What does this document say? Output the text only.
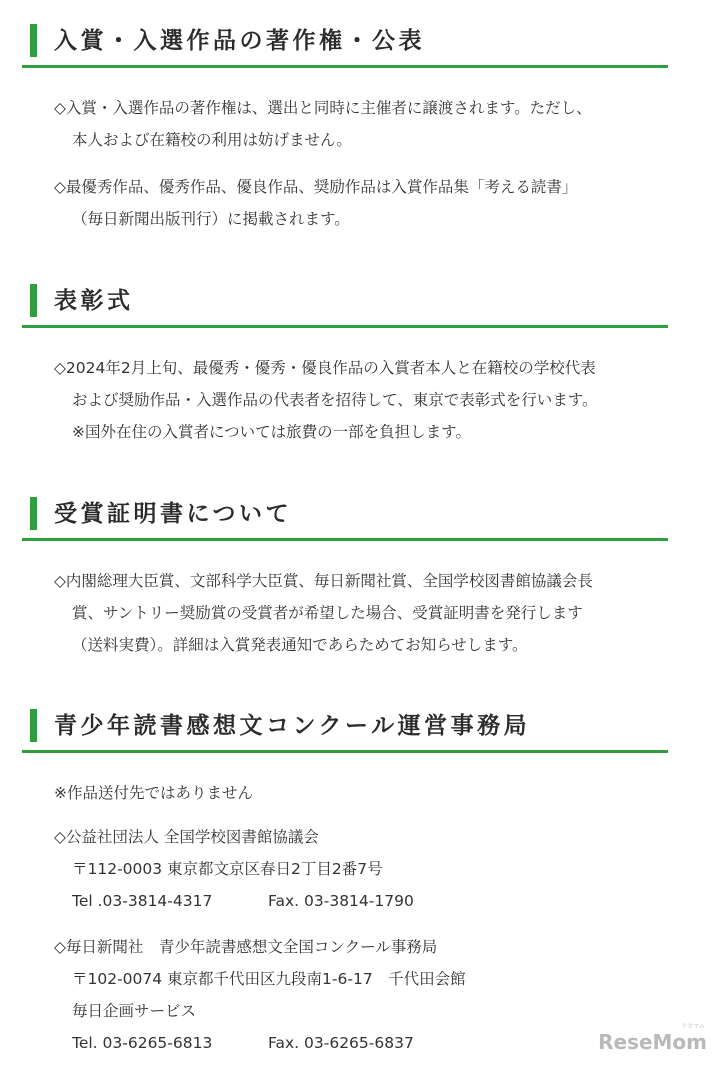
入賞・入選作品の著作権・公表
◇入賞・入選作品の著作権は、選出と同時に主催者に譲渡されます。ただし、
本人および在籍校の利用は妨げません。
◇最優秀作品、優秀作品、優良作品、奨励作品は入賞作品集「考える読書」
（毎日新聞出版刊行）に掲載されます。
表彰式
◇2024年2月上旬、最優秀・優秀・優良作品の入賞者本人と在籍校の学校代表
および奨励作品・入選作品の代表者を招待して、東京で表彰式を行います。
※国外在住の入賞者については旅費の一部を負担します。
受賞証明書について
◇内閣総理大臣賞、文部科学大臣賞、毎日新聞社賞、全国学校図書館協議会長
賞、サントリー奨励賞の受賞者が希望した場合、受賞証明書を発行します
（送料実費）。詳細は入賞発表通知であらためてお知らせします。
青少年読書感想文コンクール運営事務局
※作品送付先ではありません
◇公益社団法人 全国学校図書館協議会
〒112-0003 東京都文京区春日2丁目2番7号
Tel .03-3814-4317	Fax. 03-3814-1790
◇毎日新聞社　青少年読書感想文全国コンクール事務局
〒102-0074 東京都千代田区九段南1-6-17　千代田会館
毎日企画サービス
Tel. 03-6265-6813	Fax. 03-6265-6837
リセマム
ReseMom
